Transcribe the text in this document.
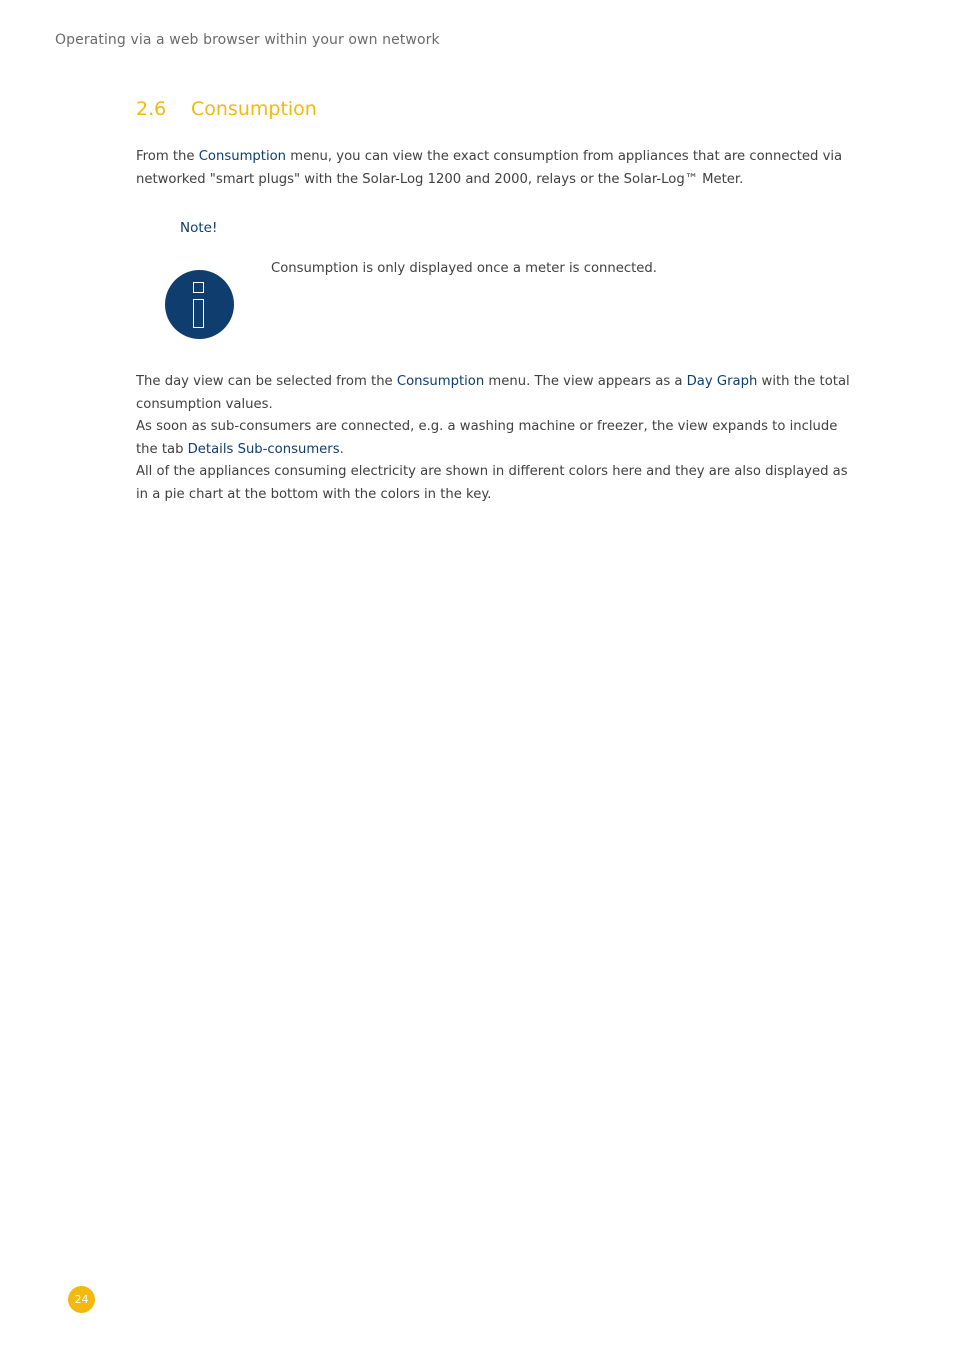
Operating via a web browser within your own network
2.6 Consumption

From the Consumption menu, you can view the exact consumption from appliances that are connected via networked "smart plugs" with the Solar-Log 1200 and 2000, relays or the Solar-Log™ Meter.

Note!
Consumption is only displayed once a meter is connected.
The day view can be selected from the Consumption menu. The view appears as a Day Graph with the total consumption values.
As soon as sub-consumers are connected, e.g. a washing machine or freezer, the view expands to include the tab Details Sub-consumers.
All of the appliances consuming electricity are shown in different colors here and they are also displayed as in a pie chart at the bottom with the colors in the key.
24
